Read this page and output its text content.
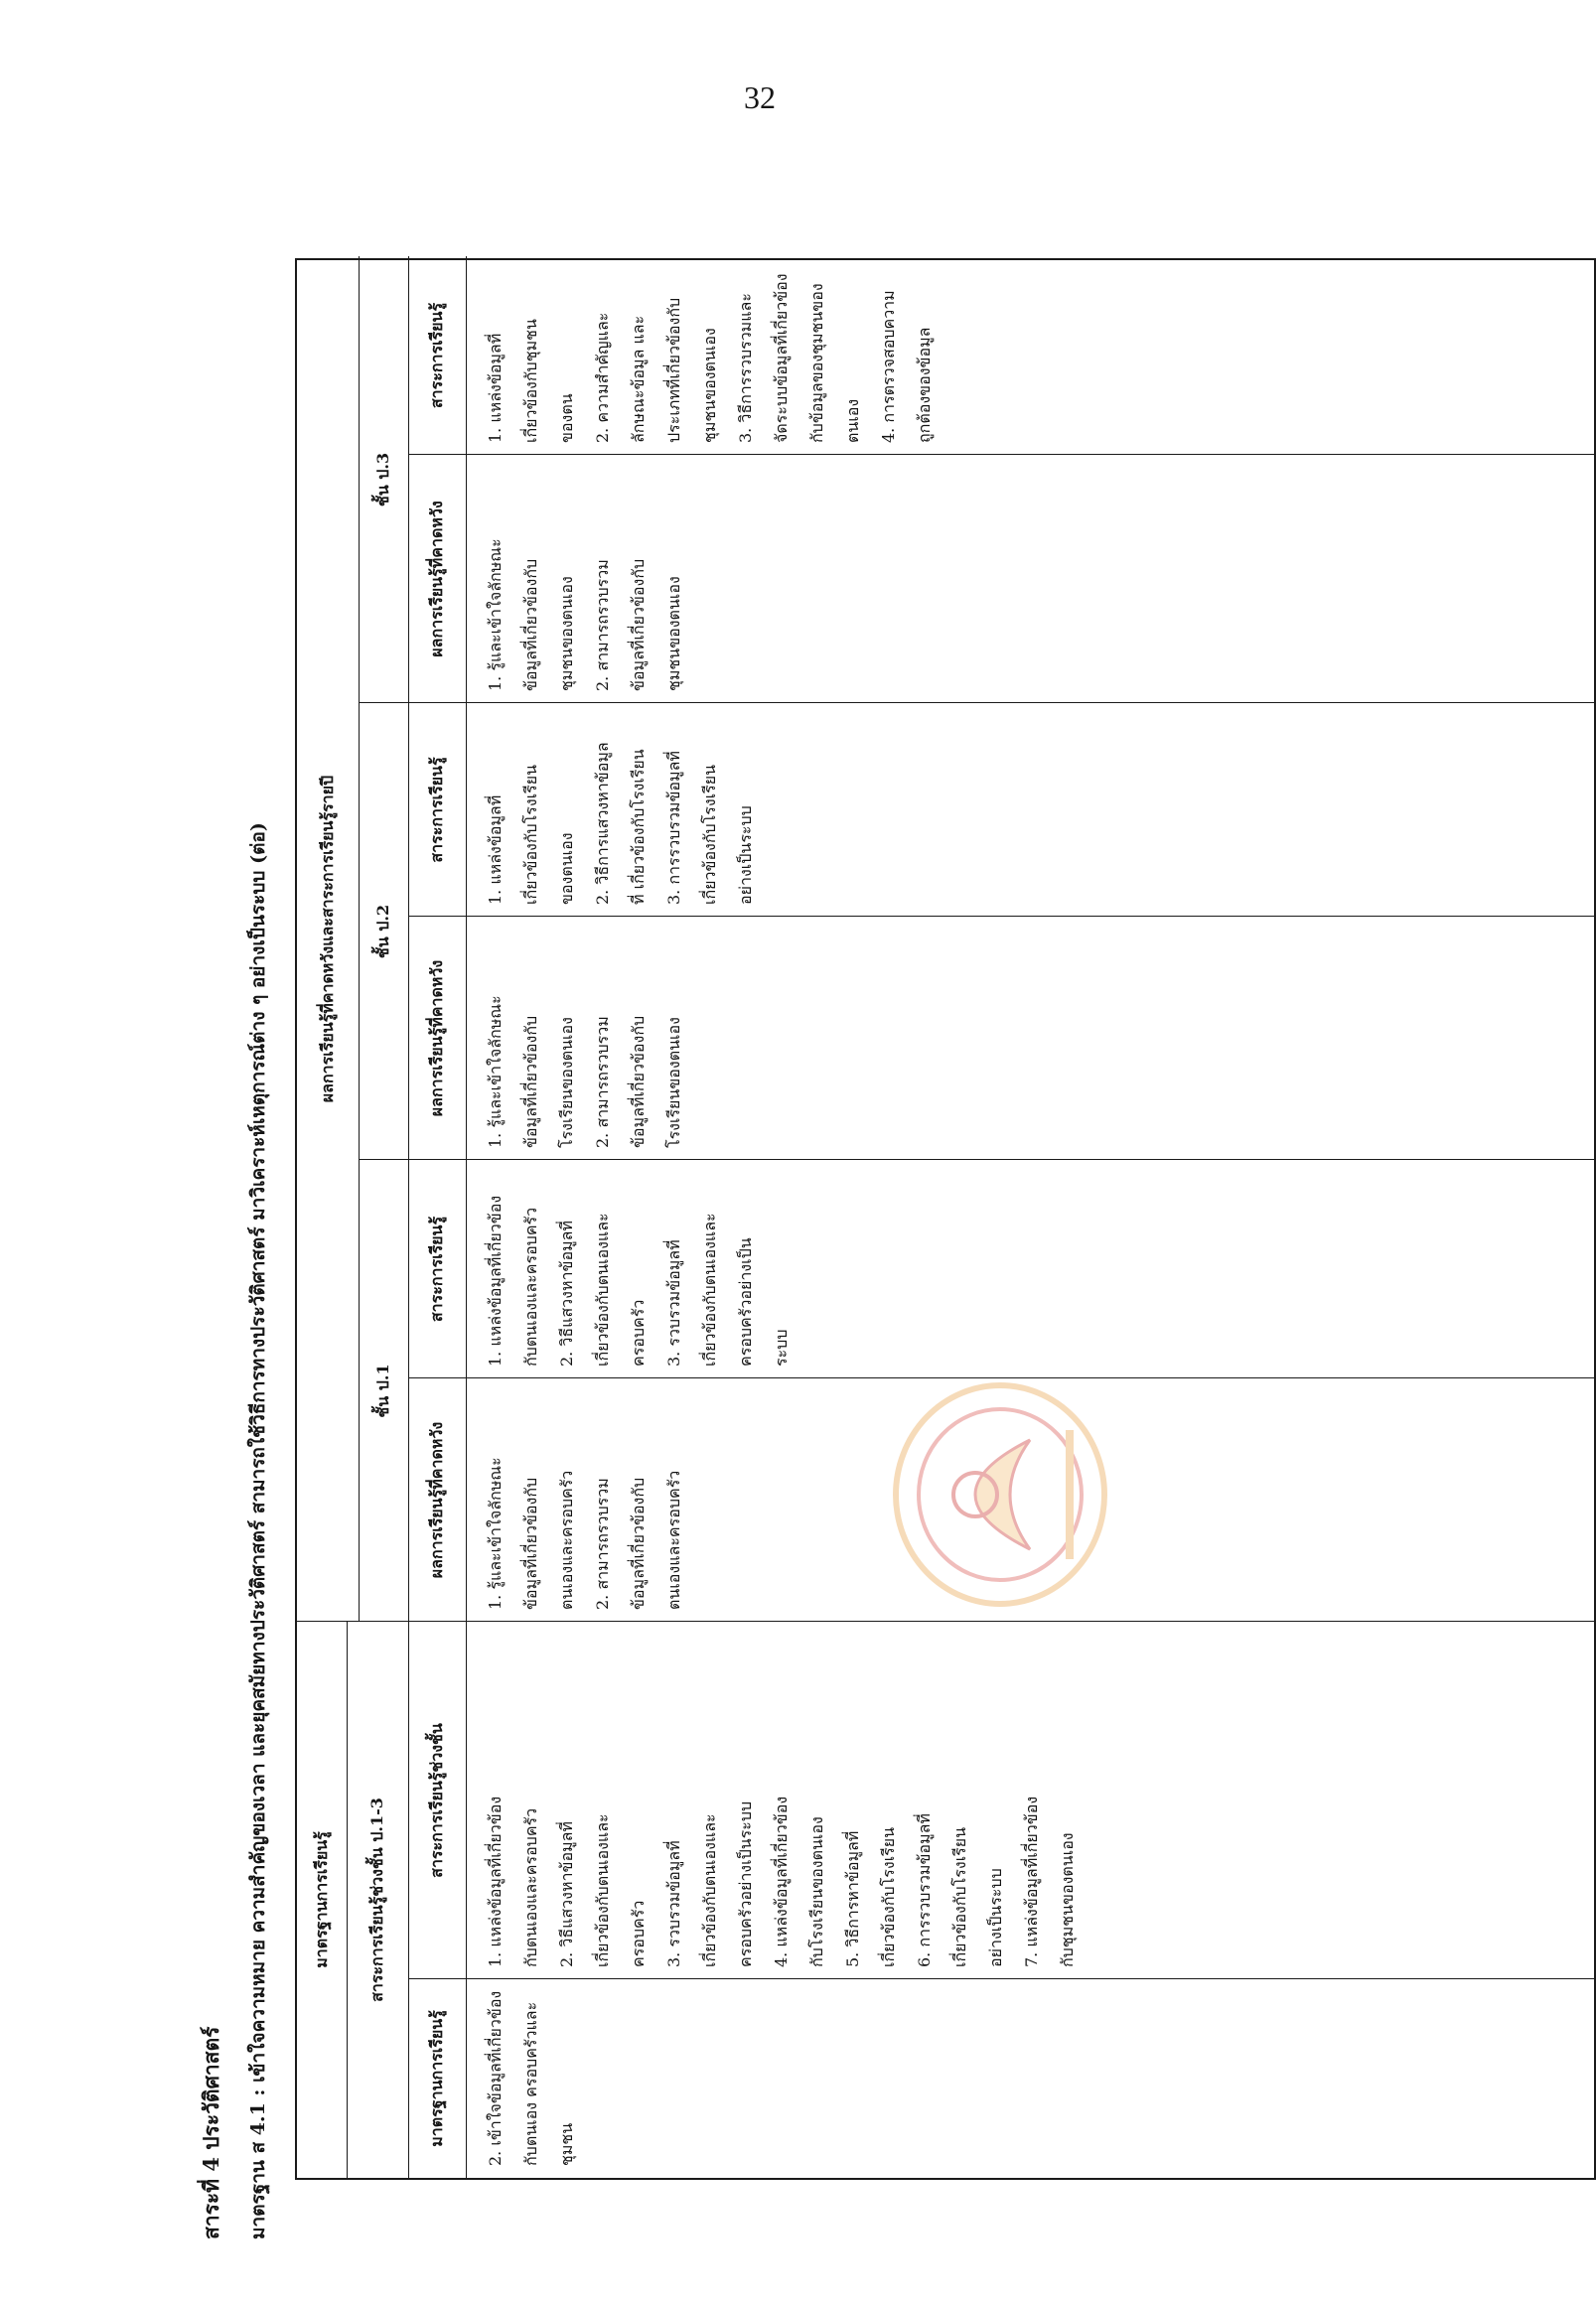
32
สาระที่ 4 ประวัติศาสตร์ มาตรฐาน ส 4.1 : เข้าใจความหมาย ความสำคัญของเวลา และยุคสมัยทางประวัติศาสตร์ สามารถใช้วิธีการทางประวัติศาสตร์ มาวิเคราะห์เหตุการณ์ต่าง ๆ อย่างเป็นระบบ (ต่อ)	มาตรฐานการเรียนรู้	สาระการเรียนรู้ช่วงชั้น ป.1-3
มาตรฐานการเรียนรู้
สาระการเรียนรู้ช่วงชั้น
ผลการเรียนรู้ที่คาดหวังและสาระการเรียนรู้รายปี
ชั้น ป.1
ชั้น ป.2
ชั้น ป.3
ผลการเรียนรู้ที่คาดหวัง
สาระการเรียนรู้
ผลการเรียนรู้ที่คาดหวัง
สาระการเรียนรู้
ผลการเรียนรู้ที่คาดหวัง
สาระการเรียนรู้
2. เข้าใจข้อมูลที่เกี่ยวข้อง
กับตนเอง ครอบครัวและ
ชุมชน
1. แหล่งข้อมูลที่เกี่ยวข้อง
กับตนเองและครอบครัว
2. วิธีแสวงหาข้อมูลที่
เกี่ยวข้องกับตนเองและ
ครอบครัว
3. รวบรวมข้อมูลที่
เกี่ยวข้องกับตนเองและ
ครอบครัวอย่างเป็นระบบ
4. แหล่งข้อมูลที่เกี่ยวข้อง
กับโรงเรียนของตนเอง
5. วิธีการหาข้อมูลที่
เกี่ยวข้องกับโรงเรียน
6. การรวบรวมข้อมูลที่
เกี่ยวข้องกับโรงเรียน
อย่างเป็นระบบ
7. แหล่งข้อมูลที่เกี่ยวข้อง
กับชุมชนของตนเอง
1. รู้และเข้าใจลักษณะ
ข้อมูลที่เกี่ยวข้องกับ
ตนเองและครอบครัว
2. สามารถรวบรวม
ข้อมูลที่เกี่ยวข้องกับ
ตนเองและครอบครัว
1. แหล่งข้อมูลที่เกี่ยวข้อง
กับตนเองและครอบครัว
2. วิธีแสวงหาข้อมูลที่
เกี่ยวข้องกับตนเองและ
ครอบครัว
3. รวบรวมข้อมูลที่
เกี่ยวข้องกับตนเองและ
ครอบครัวอย่างเป็น
ระบบ
1. รู้และเข้าใจลักษณะ
ข้อมูลที่เกี่ยวข้องกับ
โรงเรียนของตนเอง
2. สามารถรวบรวม
ข้อมูลที่เกี่ยวข้องกับ
โรงเรียนของตนเอง
1. แหล่งข้อมูลที่
เกี่ยวข้องกับโรงเรียน
ของตนเอง
2. วิธีการแสวงหาข้อมูล
ที่ เกี่ยวข้องกับโรงเรียน
3. การรวบรวมข้อมูลที่
เกี่ยวข้องกับโรงเรียน
อย่างเป็นระบบ
1. รู้และเข้าใจลักษณะ
ข้อมูลที่เกี่ยวข้องกับ
ชุมชนของตนเอง
2. สามารถรวบรวม
ข้อมูลที่เกี่ยวข้องกับ
ชุมชนของตนเอง
1. แหล่งข้อมูลที่
เกี่ยวข้องกับชุมชน
ของตน
2. ความสำคัญและ
ลักษณะข้อมูล และ
ประเภทที่เกี่ยวข้องกับ
ชุมชนของตนเอง
3. วิธีการรวบรวมและ
จัดระบบข้อมูลที่เกี่ยวข้อง
กับข้อมูลของชุมชนของ
ตนเอง
4. การตรวจสอบความ
ถูกต้องของข้อมูล
